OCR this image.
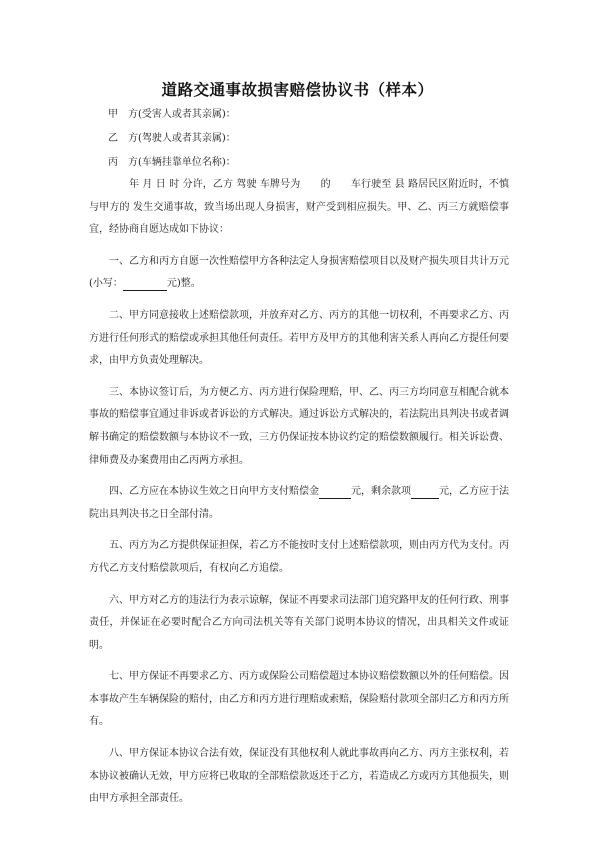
道路交通事故损害赔偿协议书（样本）
甲　方(受害人或者其亲属)：
乙　方(驾驶人或者其亲属)：
丙　方(车辆挂靠单位名称)：

年 月 日 时 分许，乙方 驾驶 车牌号为　　的　　车行驶至 县 路居民区附近时，不慎与甲方的 发生交通事故，致当场出现人身损害，财产受到相应损失。甲、乙、丙三方就赔偿事宜，经协商自愿达成如下协议：

一、乙方和丙方自愿一次性赔偿甲方各种法定人身损害赔偿项目以及财产损失项目共计万元(小写：	元)整。

二、甲方同意接收上述赔偿款项，并放弃对乙方、丙方的其他一切权利，不再要求乙方、丙方进行任何形式的赔偿或承担其他任何责任。若甲方及甲方的其他利害关系人再向乙方提任何要求，由甲方负责处理解决。

三、本协议签订后，为方便乙方、丙方进行保险理赔，甲、乙、丙三方均同意互相配合就本事故的赔偿事宜通过非诉或者诉讼的方式解决。通过诉讼方式解决的，若法院出具判决书或者调解书确定的赔偿数额与本协议不一致，三方仍保证按本协议约定的赔偿数额履行。相关诉讼费、律师费及办案费用由乙丙两方承担。

四、乙方应在本协议生效之日向甲方支付赔偿金	元，剩余款项	元，乙方应于法院出具判决书之日全部付清。

五、丙方为乙方提供保证担保，若乙方不能按时支付上述赔偿款项，则由丙方代为支付。丙方代乙方支付赔偿款项后，有权向乙方追偿。

六、甲方对乙方的违法行为表示谅解，保证不再要求司法部门追究路甲友的任何行政、刑事责任，并保证在必要时配合乙方向司法机关等有关部门说明本协议的情况，出具相关文件或证明。

七、甲方保证不再要求乙方、丙方或保险公司赔偿超过本协议赔偿数额以外的任何赔偿。因本事故产生车辆保险的赔付，由乙方和丙方进行理赔或索赔，保险赔付款项全部归乙方和丙方所有。

八、甲方保证本协议合法有效，保证没有其他权利人就此事故再向乙方、丙方主张权利，若本协议被确认无效，甲方应将已收取的全部赔偿款返还于乙方，若造成乙方或丙方其他损失，则由甲方承担全部责任。
